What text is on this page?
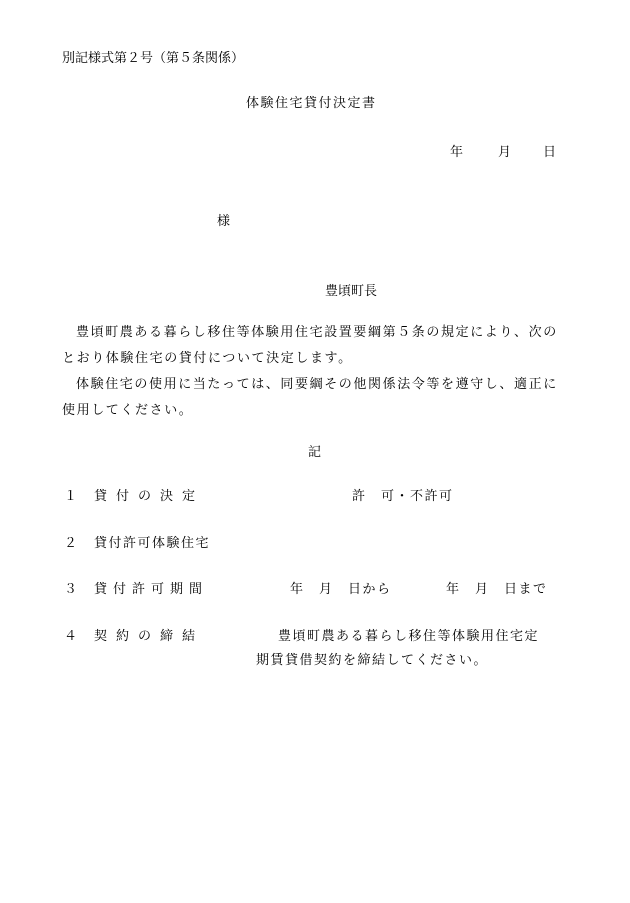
別記様式第２号（第５条関係）
体験住宅貸付決定書
年	月 日
様
豊頃町長
豊頃町農ある暮らし移住等体験用住宅設置要綱第５条の規定により、次のとおり体験住宅の貸付について決定します。
体験住宅の使用に当たっては、同要綱その他関係法令等を遵守し、適正に使用してください。
記
１ 貸付の決定	許　可・不許可
２ 貸付許可体験住宅
３ 貸付許可期間	年　月　日から	年　月　日まで
４ 契約の締結	豊頃町農ある暮らし移住等体験用住宅定
期賃貸借契約を締結してください。
